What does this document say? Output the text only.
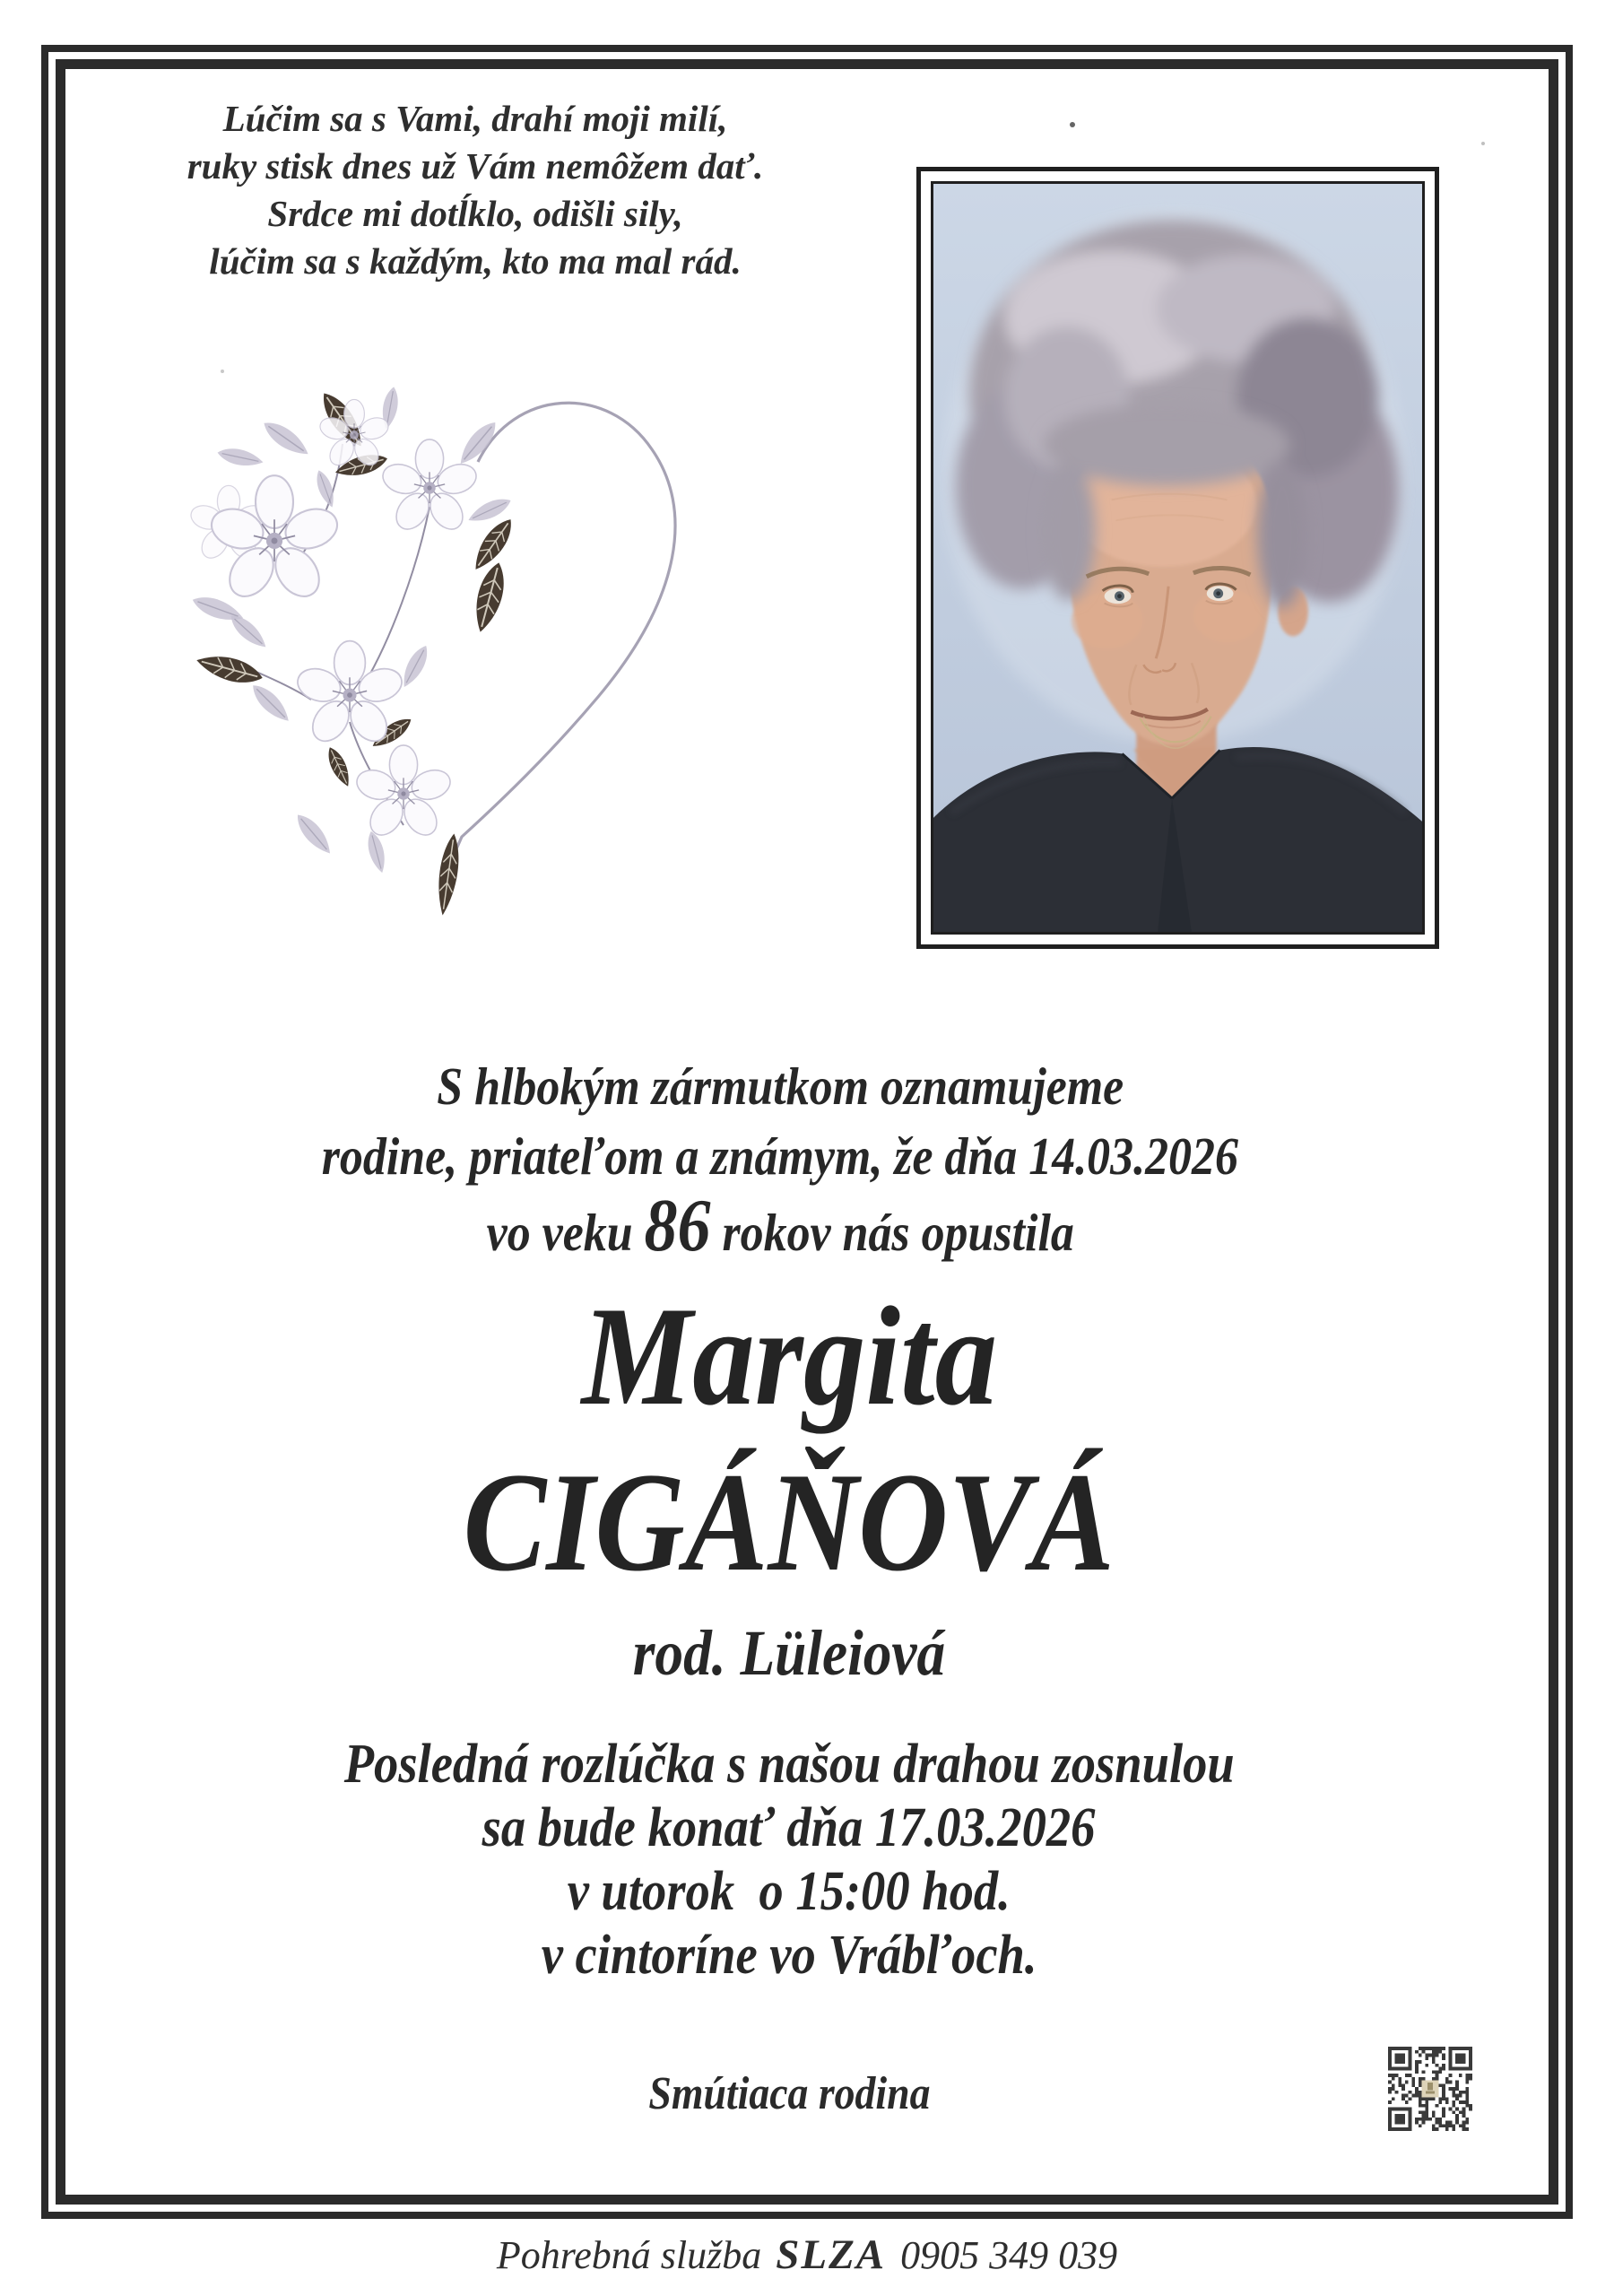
Lúčim sa s Vami, drahí moji milí,
ruky stisk dnes už Vám nemôžem dať.
Srdce mi dotĺklo, odišli sily,
lúčim sa s každým, kto ma mal rád.
S hlbokým zármutkom oznamujeme
rodine, priateľom a známym, že dňa 14.03.2026
vo veku 86 rokov nás opustila
Margita
CIGÁŇOVÁ
rod. Lüleiová
Posledná rozlúčka s našou drahou zosnulou
sa bude konať dňa 17.03.2026
v utorok  o 15:00 hod.
v cintoríne vo Vrábľoch.
Smútiaca rodina
Pohrebná služba SLZA 0905 349 039
